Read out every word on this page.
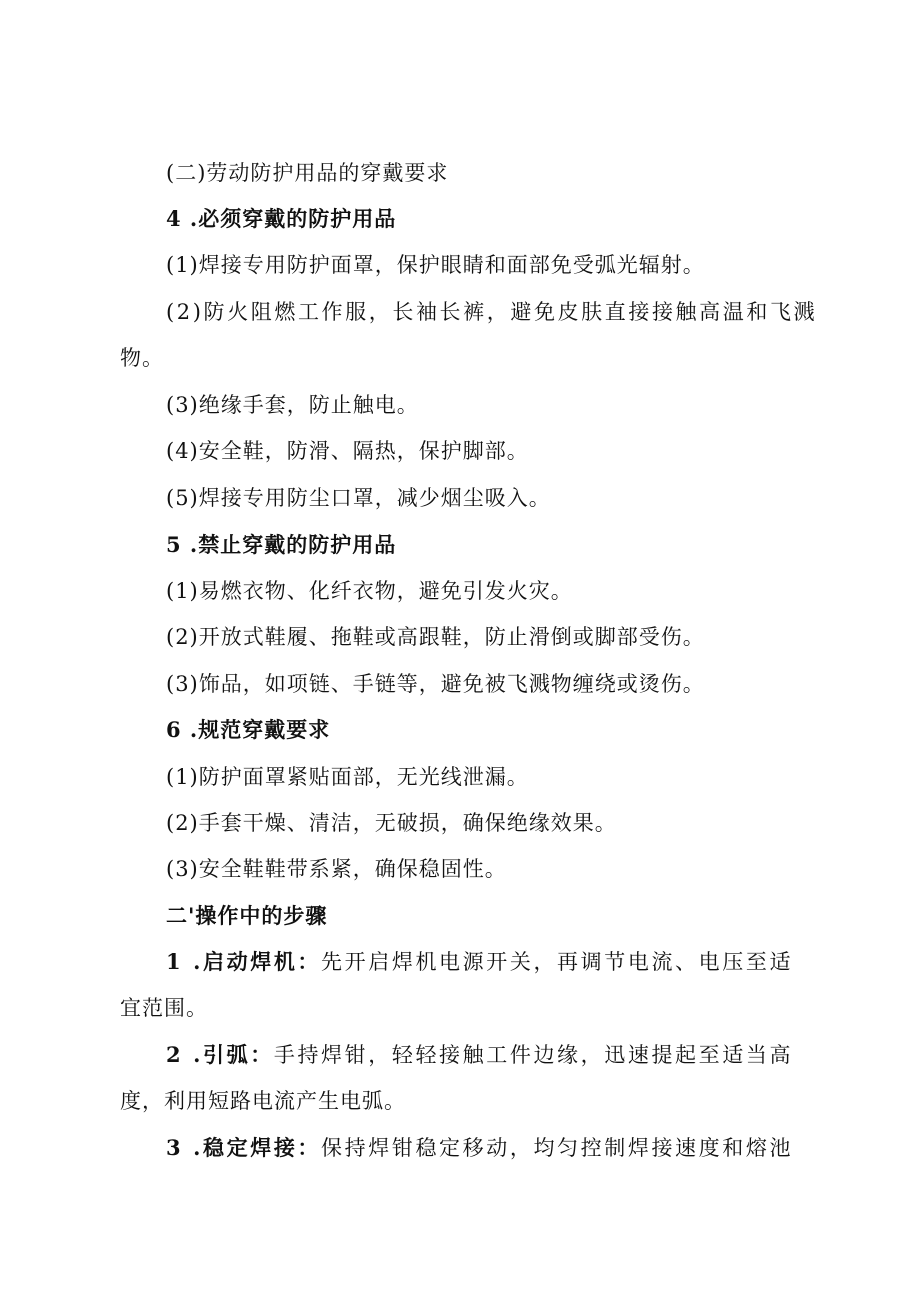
(二)劳动防护用品的穿戴要求
4 .必须穿戴的防护用品
(1)焊接专用防护面罩，保护眼睛和面部免受弧光辐射。
(2)防火阻燃工作服，长袖长裤，避免皮肤直接接触高温和飞溅
物。
(3)绝缘手套，防止触电。
(4)安全鞋，防滑、隔热，保护脚部。
(5)焊接专用防尘口罩，减少烟尘吸入。
5 .禁止穿戴的防护用品
(1)易燃衣物、化纤衣物，避免引发火灾。
(2)开放式鞋履、拖鞋或高跟鞋，防止滑倒或脚部受伤。
(3)饰品，如项链、手链等，避免被飞溅物缠绕或烫伤。
6 .规范穿戴要求
(1)防护面罩紧贴面部，无光线泄漏。
(2)手套干燥、清洁，无破损，确保绝缘效果。
(3)安全鞋鞋带系紧，确保稳固性。
二'操作中的步骤
1 .启动焊机：先开启焊机电源开关，再调节电流、电压至适
宜范围。
2 .引弧：手持焊钳，轻轻接触工件边缘，迅速提起至适当高
度，利用短路电流产生电弧。
3 .稳定焊接：保持焊钳稳定移动，均匀控制焊接速度和熔池
